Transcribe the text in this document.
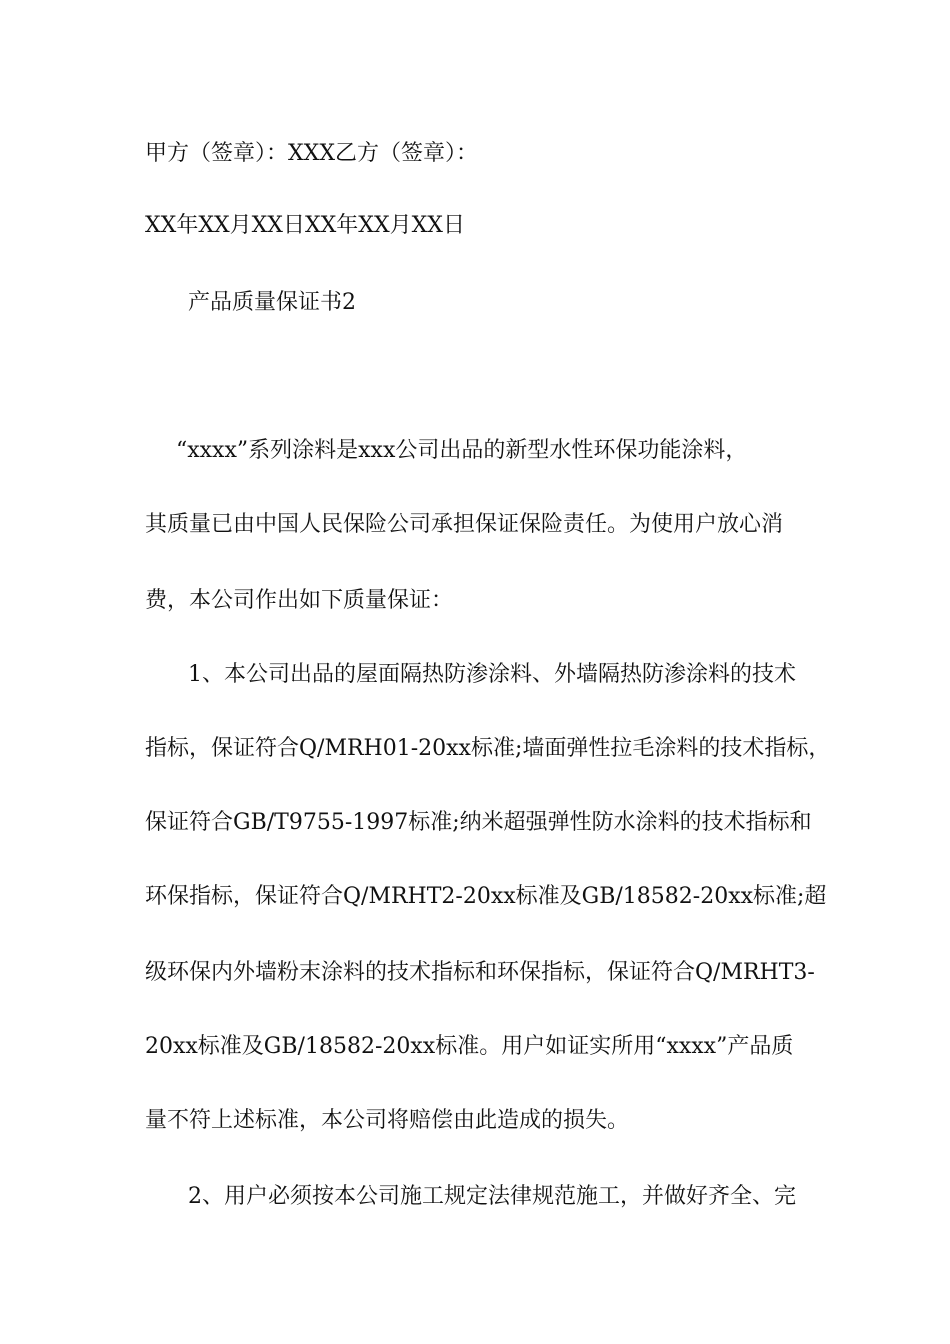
甲方（签章）：XXX乙方（签章）：
XX年XX月XX日XX年XX月XX日
产品质量保证书2
“xxxx”系列涂料是xxx公司出品的新型水性环保功能涂料，
其质量已由中国人民保险公司承担保证保险责任。为使用户放心消
费，本公司作出如下质量保证：
1、本公司出品的屋面隔热防渗涂料、外墙隔热防渗涂料的技术
指标，保证符合Q/MRH01-20xx标准;墙面弹性拉毛涂料的技术指标，
保证符合GB/T9755-1997标准;纳米超强弹性防水涂料的技术指标和
环保指标，保证符合Q/MRHT2-20xx标准及GB/18582-20xx标准;超
级环保内外墙粉末涂料的技术指标和环保指标，保证符合Q/MRHT3-
20xx标准及GB/18582-20xx标准。用户如证实所用“xxxx”产品质
量不符上述标准，本公司将赔偿由此造成的损失。
2、用户必须按本公司施工规定法律规范施工，并做好齐全、完
